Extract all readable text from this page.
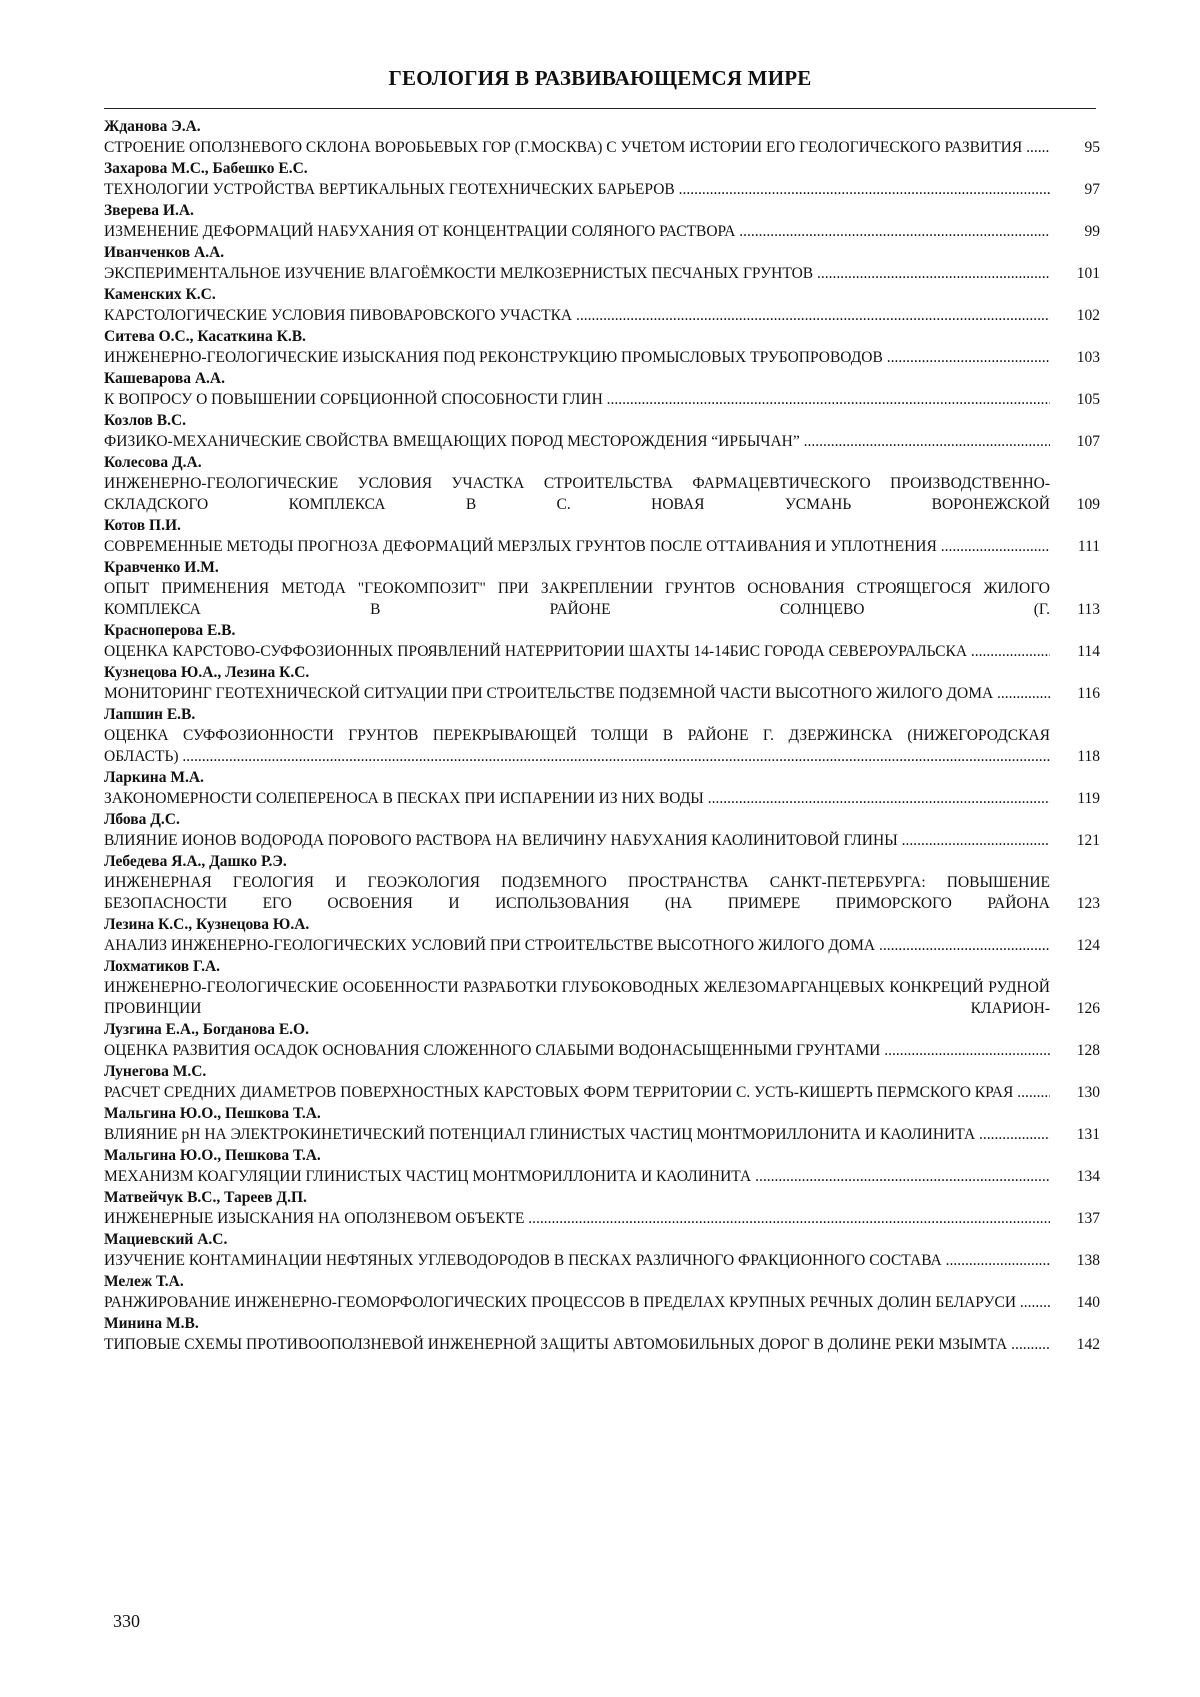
ГЕОЛОГИЯ В РАЗВИВАЮЩЕМСЯ МИРЕ
Жданова Э.А.
СТРОЕНИЕ ОПОЛЗНЕВОГО СКЛОНА ВОРОБЬЕВЫХ ГОР (Г.МОСКВА) С УЧЕТОМ ИСТОРИИ ЕГО ГЕОЛОГИЧЕСКОГО РАЗВИТИЯ .....	95
Захарова М.С., Бабешко Е.С.
ТЕХНОЛОГИИ УСТРОЙСТВА ВЕРТИКАЛЬНЫХ ГЕОТЕХНИЧЕСКИХ БАРЬЕРОВ .....	97
Зверева И.А.
ИЗМЕНЕНИЕ ДЕФОРМАЦИЙ НАБУХАНИЯ ОТ КОНЦЕНТРАЦИИ СОЛЯНОГО РАСТВОРА .....	99
Иванченков А.А.
ЭКСПЕРИМЕНТАЛЬНОЕ ИЗУЧЕНИЕ ВЛАГОЁМКОСТИ МЕЛКОЗЕРНИСТЫХ ПЕСЧАНЫХ ГРУНТОВ .....	101
Каменских К.С.
КАРСТОЛОГИЧЕСКИЕ УСЛОВИЯ ПИВОВАРОВСКОГО УЧАСТКА .....	102
Ситева О.С., Касаткина К.В.
ИНЖЕНЕРНО-ГЕОЛОГИЧЕСКИЕ ИЗЫСКАНИЯ ПОД РЕКОНСТРУКЦИЮ ПРОМЫСЛОВЫХ ТРУБОПРОВОДОВ .....	103
Кашеварова А.А.
К ВОПРОСУ О ПОВЫШЕНИИ СОРБЦИОННОЙ СПОСОБНОСТИ ГЛИН .....	105
Козлов В.С.
ФИЗИКО-МЕХАНИЧЕСКИЕ СВОЙСТВА ВМЕЩАЮЩИХ ПОРОД МЕСТОРОЖДЕНИЯ “ИРБЫЧАН” .....	107
Колесова Д.А.
ИНЖЕНЕРНО-ГЕОЛОГИЧЕСКИЕ УСЛОВИЯ УЧАСТКА СТРОИТЕЛЬСТВА ФАРМАЦЕВТИЧЕСКОГО ПРОИЗВОДСТВЕННО-СКЛАДСКОГО КОМПЛЕКСА В С. НОВАЯ УСМАНЬ ВОРОНЕЖСКОЙ .....	109
Котов П.И.
СОВРЕМЕННЫЕ МЕТОДЫ ПРОГНОЗА ДЕФОРМАЦИЙ МЕРЗЛЫХ ГРУНТОВ ПОСЛЕ ОТТАИВАНИЯ И УПЛОТНЕНИЯ .....	111
Кравченко И.М.
ОПЫТ ПРИМЕНЕНИЯ МЕТОДА "ГЕОКОМПОЗИТ" ПРИ ЗАКРЕПЛЕНИИ ГРУНТОВ ОСНОВАНИЯ СТРОЯЩЕГОСЯ ЖИЛОГО КОМПЛЕКСА В РАЙОНЕ СОЛНЦЕВО (Г. .....	113
Красноперова Е.В.
ОЦЕНКА КАРСТОВО-СУФФОЗИОННЫХ ПРОЯВЛЕНИЙ НАТЕРРИТОРИИ ШАХТЫ 14-14БИС ГОРОДА СЕВЕРОУРАЛЬСКА .....	114
Кузнецова Ю.А., Лезина К.С.
МОНИТОРИНГ ГЕОТЕХНИЧЕСКОЙ СИТУАЦИИ ПРИ СТРОИТЕЛЬСТВЕ ПОДЗЕМНОЙ ЧАСТИ ВЫСОТНОГО ЖИЛОГО ДОМА .....	116
Лапшин Е.В.
ОЦЕНКА СУФФОЗИОННОСТИ ГРУНТОВ ПЕРЕКРЫВАЮЩЕЙ ТОЛЩИ В РАЙОНЕ Г. ДЗЕРЖИНСКА (НИЖЕГОРОДСКАЯ ОБЛАСТЬ) .....	118
Ларкина М.А.
ЗАКОНОМЕРНОСТИ СОЛЕПЕРЕНОСА В ПЕСКАХ ПРИ ИСПАРЕНИИ ИЗ НИХ ВОДЫ .....	119
Лбова Д.С.
ВЛИЯНИЕ ИОНОВ ВОДОРОДА ПОРОВОГО РАСТВОРА НА ВЕЛИЧИНУ НАБУХАНИЯ КАОЛИНИТОВОЙ ГЛИНЫ .....	121
Лебедева Я.А., Дашко Р.Э.
ИНЖЕНЕРНАЯ ГЕОЛОГИЯ И ГЕОЭКОЛОГИЯ ПОДЗЕМНОГО ПРОСТРАНСТВА САНКТ-ПЕТЕРБУРГА: ПОВЫШЕНИЕ БЕЗОПАСНОСТИ ЕГО ОСВОЕНИЯ И ИСПОЛЬЗОВАНИЯ (НА ПРИМЕРЕ ПРИМОРСКОГО РАЙОНА .....	123
Лезина К.С., Кузнецова Ю.А.
АНАЛИЗ ИНЖЕНЕРНО-ГЕОЛОГИЧЕСКИХ УСЛОВИЙ ПРИ СТРОИТЕЛЬСТВЕ ВЫСОТНОГО ЖИЛОГО ДОМА .....	124
Лохматиков Г.А.
ИНЖЕНЕРНО-ГЕОЛОГИЧЕСКИЕ ОСОБЕННОСТИ РАЗРАБОТКИ ГЛУБОКОВОДНЫХ ЖЕЛЕЗОМАРГАНЦЕВЫХ КОНКРЕЦИЙ РУДНОЙ ПРОВИНЦИИ КЛАРИОН- .....	126
Лузгина Е.А., Богданова Е.О.
ОЦЕНКА РАЗВИТИЯ ОСАДОК ОСНОВАНИЯ СЛОЖЕННОГО СЛАБЫМИ ВОДОНАСЫЩЕННЫМИ ГРУНТАМИ .....	128
Лунегова М.С.
РАСЧЕТ СРЕДНИХ ДИАМЕТРОВ ПОВЕРХНОСТНЫХ КАРСТОВЫХ ФОРМ ТЕРРИТОРИИ С. УСТЬ-КИШЕРТЬ ПЕРМСКОГО КРАЯ .....	130
Мальгина Ю.О., Пешкова Т.А.
ВЛИЯНИЕ рН НА ЭЛЕКТРОКИНЕТИЧЕСКИЙ ПОТЕНЦИАЛ ГЛИНИСТЫХ ЧАСТИЦ МОНТМОРИЛЛОНИТА И КАОЛИНИТА .....	131
Мальгина Ю.О., Пешкова Т.А.
МЕХАНИЗМ КОАГУЛЯЦИИ ГЛИНИСТЫХ ЧАСТИЦ МОНТМОРИЛЛОНИТА И КАОЛИНИТА .....	134
Матвейчук В.С., Тареев Д.П.
ИНЖЕНЕРНЫЕ ИЗЫСКАНИЯ НА ОПОЛЗНЕВОМ ОБЪЕКТЕ .....	137
Мациевский А.С.
ИЗУЧЕНИЕ КОНТАМИНАЦИИ НЕФТЯНЫХ УГЛЕВОДОРОДОВ В ПЕСКАХ РАЗЛИЧНОГО ФРАКЦИОННОГО СОСТАВА .....	138
Мележ Т.А.
РАНЖИРОВАНИЕ ИНЖЕНЕРНО-ГЕОМОРФОЛОГИЧЕСКИХ ПРОЦЕССОВ В ПРЕДЕЛАХ КРУПНЫХ РЕЧНЫХ ДОЛИН БЕЛАРУСИ .....	140
Минина М.В.
ТИПОВЫЕ СХЕМЫ ПРОТИВООПОЛЗНЕВОЙ ИНЖЕНЕРНОЙ ЗАЩИТЫ АВТОМОБИЛЬНЫХ ДОРОГ В ДОЛИНЕ РЕКИ МЗЫМТА .....	142
330
